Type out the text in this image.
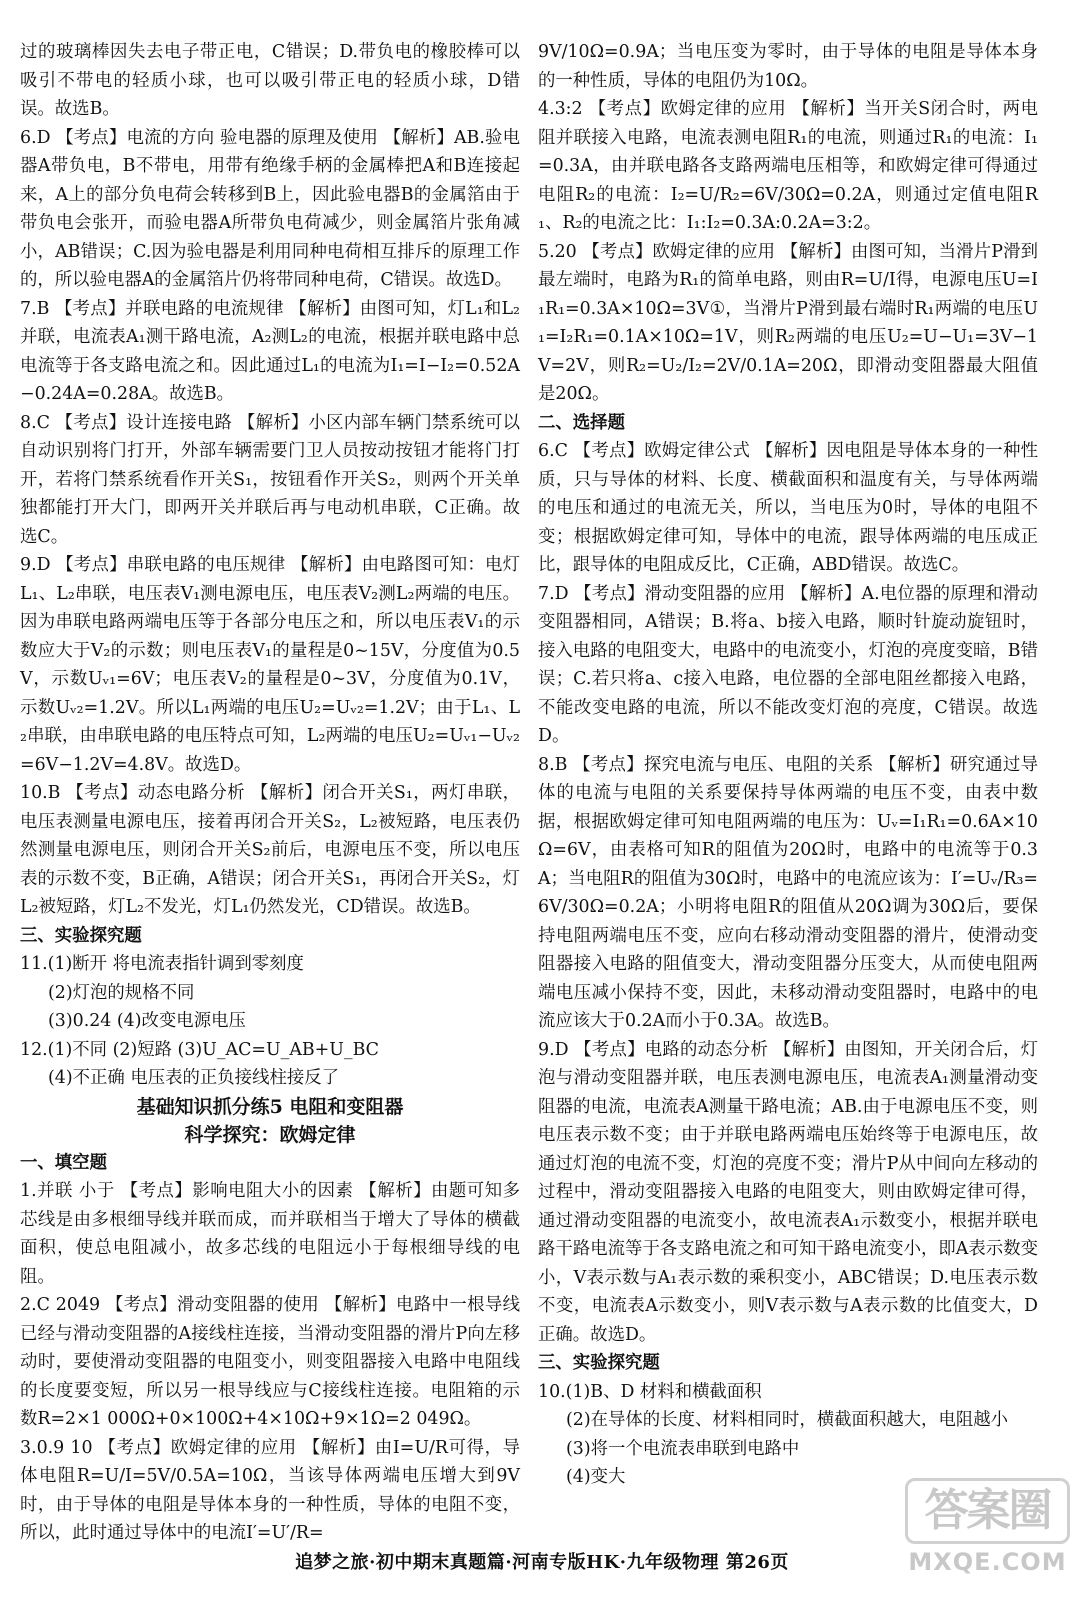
过的玻璃棒因失去电子带正电，C错误；D.带负电的橡胶棒可以吸引不带电的轻质小球，也可以吸引带正电的轻质小球，D错误。故选B。

6.D 【考点】电流的方向 验电器的原理及使用 【解析】AB.验电器A带负电，B不带电，用带有绝缘手柄的金属棒把A和B连接起来，A上的部分负电荷会转移到B上，因此验电器B的金属箔由于带负电会张开，而验电器A所带负电荷减少，则金属箔片张角减小，AB错误；C.因为验电器是利用同种电荷相互排斥的原理工作的，所以验电器A的金属箔片仍将带同种电荷，C错误。故选D。

7.B 【考点】并联电路的电流规律 【解析】由图可知，灯L₁和L₂并联，电流表A₁测干路电流，A₂测L₂的电流，根据并联电路中总电流等于各支路电流之和。因此通过L₁的电流为I₁=I−I₂=0.52A−0.24A=0.28A。故选B。

8.C 【考点】设计连接电路 【解析】小区内部车辆门禁系统可以自动识别将门打开，外部车辆需要门卫人员按动按钮才能将门打开，若将门禁系统看作开关S₁，按钮看作开关S₂，则两个开关单独都能打开大门，即两开关并联后再与电动机串联，C正确。故选C。

9.D 【考点】串联电路的电压规律 【解析】由电路图可知：电灯L₁、L₂串联，电压表V₁测电源电压，电压表V₂测L₂两端的电压。因为串联电路两端电压等于各部分电压之和，所以电压表V₁的示数应大于V₂的示数；则电压表V₁的量程是0~15V，分度值为0.5V，示数Uᵥ₁=6V；电压表V₂的量程是0~3V，分度值为0.1V，示数Uᵥ₂=1.2V。所以L₁两端的电压U₂=Uᵥ₂=1.2V；由于L₁、L₂串联，由串联电路的电压特点可知，L₂两端的电压U₂=Uᵥ₁−Uᵥ₂=6V−1.2V=4.8V。故选D。

10.B 【考点】动态电路分析 【解析】闭合开关S₁，两灯串联，电压表测量电源电压，接着再闭合开关S₂，L₂被短路，电压表仍然测量电源电压，则闭合开关S₂前后，电源电压不变，所以电压表的示数不变，B正确，A错误；闭合开关S₁，再闭合开关S₂，灯L₂被短路，灯L₂不发光，灯L₁仍然发光，CD错误。故选B。

三、实验探究题

11.(1)断开 将电流表指针调到零刻度

(2)灯泡的规格不同

(3)0.24 (4)改变电源电压

12.(1)不同 (2)短路 (3)U_AC=U_AB+U_BC

(4)不正确 电压表的正负接线柱接反了

基础知识抓分练5 电阻和变阻器

科学探究：欧姆定律

一、填空题

1.并联 小于 【考点】影响电阻大小的因素 【解析】由题可知多芯线是由多根细导线并联而成，而并联相当于增大了导体的横截面积，使总电阻减小，故多芯线的电阻远小于每根细导线的电阻。

2.C 2049 【考点】滑动变阻器的使用 【解析】电路中一根导线已经与滑动变阻器的A接线柱连接，当滑动变阻器的滑片P向左移动时，要使滑动变阻器的电阻变小，则变阻器接入电路中电阻线的长度要变短，所以另一根导线应与C接线柱连接。电阻箱的示数R=2×1 000Ω+0×100Ω+4×10Ω+9×1Ω=2 049Ω。

3.0.9 10 【考点】欧姆定律的应用 【解析】由I=U/R可得，导体电阻R=U/I=5V/0.5A=10Ω，当该导体两端电压增大到9V时，由于导体的电阻是导体本身的一种性质，导体的电阻不变，所以，此时通过导体中的电流I′=U′/R=

9V/10Ω=0.9A；当电压变为零时，由于导体的电阻是导体本身的一种性质，导体的电阻仍为10Ω。

4.3:2 【考点】欧姆定律的应用 【解析】当开关S闭合时，两电阻并联接入电路，电流表测电阻R₁的电流，则通过R₁的电流：I₁=0.3A，由并联电路各支路两端电压相等，和欧姆定律可得通过电阻R₂的电流：I₂=U/R₂=6V/30Ω=0.2A，则通过定值电阻R₁、R₂的电流之比：I₁:I₂=0.3A:0.2A=3:2。

5.20 【考点】欧姆定律的应用 【解析】由图可知，当滑片P滑到最左端时，电路为R₁的简单电路，则由R=U/I得，电源电压U=I₁R₁=0.3A×10Ω=3V①，当滑片P滑到最右端时R₁两端的电压U₁=I₂R₁=0.1A×10Ω=1V，则R₂两端的电压U₂=U−U₁=3V−1V=2V，则R₂=U₂/I₂=2V/0.1A=20Ω，即滑动变阻器最大阻值是20Ω。

二、选择题

6.C 【考点】欧姆定律公式 【解析】因电阻是导体本身的一种性质，只与导体的材料、长度、横截面积和温度有关，与导体两端的电压和通过的电流无关，所以，当电压为0时，导体的电阻不变；根据欧姆定律可知，导体中的电流，跟导体两端的电压成正比，跟导体的电阻成反比，C正确，ABD错误。故选C。

7.D 【考点】滑动变阻器的应用 【解析】A.电位器的原理和滑动变阻器相同，A错误；B.将a、b接入电路，顺时针旋动旋钮时，接入电路的电阻变大，电路中的电流变小，灯泡的亮度变暗，B错误；C.若只将a、c接入电路，电位器的全部电阻丝都接入电路，不能改变电路的电流，所以不能改变灯泡的亮度，C错误。故选D。

8.B 【考点】探究电流与电压、电阻的关系 【解析】研究通过导体的电流与电阻的关系要保持导体两端的电压不变，由表中数据，根据欧姆定律可知电阻两端的电压为：Uᵥ=I₁R₁=0.6A×10Ω=6V，由表格可知R的阻值为20Ω时，电路中的电流等于0.3A；当电阻R的阻值为30Ω时，电路中的电流应该为：I′=Uᵥ/R₃=6V/30Ω=0.2A；小明将电阻R的阻值从20Ω调为30Ω后，要保持电阻两端电压不变，应向右移动滑动变阻器的滑片，使滑动变阻器接入电路的阻值变大，滑动变阻器分压变大，从而使电阻两端电压减小保持不变，因此，未移动滑动变阻器时，电路中的电流应该大于0.2A而小于0.3A。故选B。

9.D 【考点】电路的动态分析 【解析】由图知，开关闭合后，灯泡与滑动变阻器并联，电压表测电源电压，电流表A₁测量滑动变阻器的电流，电流表A测量干路电流；AB.由于电源电压不变，则电压表示数不变；由于并联电路两端电压始终等于电源电压，故通过灯泡的电流不变，灯泡的亮度不变；滑片P从中间向左移动的过程中，滑动变阻器接入电路的电阻变大，则由欧姆定律可得，通过滑动变阻器的电流变小，故电流表A₁示数变小，根据并联电路干路电流等于各支路电流之和可知干路电流变小，即A表示数变小，V表示数与A₁表示数的乘积变小，ABC错误；D.电压表示数不变，电流表A示数变小，则V表示数与A表示数的比值变大，D正确。故选D。

三、实验探究题

10.(1)B、D 材料和横截面积

(2)在导体的长度、材料相同时，横截面积越大，电阻越小

(3)将一个电流表串联到电路中

(4)变大

追梦之旅·初中期末真题篇·河南专版HK·九年级物理 第26页
答案圈
MXQE.COM
